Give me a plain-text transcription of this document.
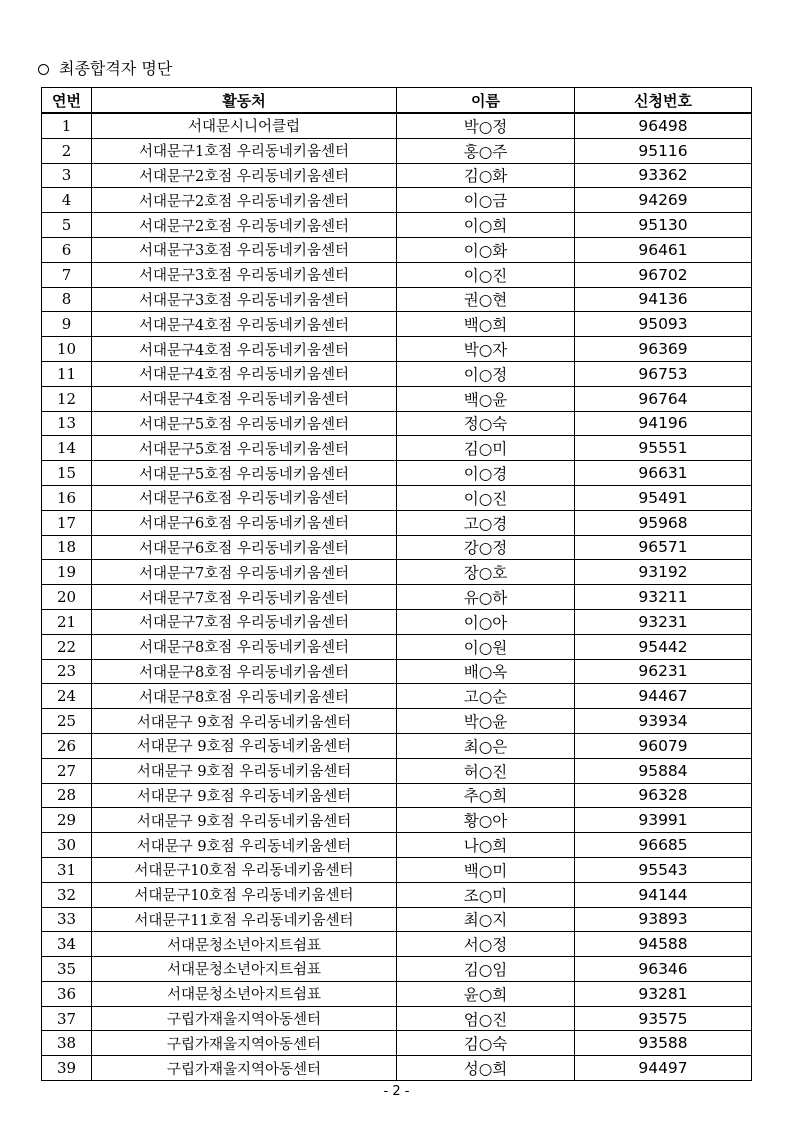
최종합격자 명단
연번	활동처	이름	신청번호
1	서대문시니어클럽	박○정	96498
2	서대문구1호점 우리동네키움센터	홍○주	95116
3	서대문구2호점 우리동네키움센터	김○화	93362
4	서대문구2호점 우리동네키움센터	이○금	94269
5	서대문구2호점 우리동네키움센터	이○희	95130
6	서대문구3호점 우리동네키움센터	이○화	96461
7	서대문구3호점 우리동네키움센터	이○진	96702
8	서대문구3호점 우리동네키움센터	권○현	94136
9	서대문구4호점 우리동네키움센터	백○희	95093
10	서대문구4호점 우리동네키움센터	박○자	96369
11	서대문구4호점 우리동네키움센터	이○정	96753
12	서대문구4호점 우리동네키움센터	백○윤	96764
13	서대문구5호점 우리동네키움센터	정○숙	94196
14	서대문구5호점 우리동네키움센터	김○미	95551
15	서대문구5호점 우리동네키움센터	이○경	96631
16	서대문구6호점 우리동네키움센터	이○진	95491
17	서대문구6호점 우리동네키움센터	고○경	95968
18	서대문구6호점 우리동네키움센터	강○정	96571
19	서대문구7호점 우리동네키움센터	장○호	93192
20	서대문구7호점 우리동네키움센터	유○하	93211
21	서대문구7호점 우리동네키움센터	이○아	93231
22	서대문구8호점 우리동네키움센터	이○원	95442
23	서대문구8호점 우리동네키움센터	배○옥	96231
24	서대문구8호점 우리동네키움센터	고○순	94467
25	서대문구 9호점 우리동네키움센터	박○윤	93934
26	서대문구 9호점 우리동네키움센터	최○은	96079
27	서대문구 9호점 우리동네키움센터	허○진	95884
28	서대문구 9호점 우리동네키움센터	추○희	96328
29	서대문구 9호점 우리동네키움센터	황○아	93991
30	서대문구 9호점 우리동네키움센터	나○희	96685
31	서대문구10호점 우리동네키움센터	백○미	95543
32	서대문구10호점 우리동네키움센터	조○미	94144
33	서대문구11호점 우리동네키움센터	최○지	93893
34	서대문청소년아지트쉼표	서○정	94588
35	서대문청소년아지트쉼표	김○임	96346
36	서대문청소년아지트쉼표	윤○희	93281
37	구립가재울지역아동센터	엄○진	93575
38	구립가재울지역아동센터	김○숙	93588
39	구립가재울지역아동센터	성○희	94497
- 2 -
